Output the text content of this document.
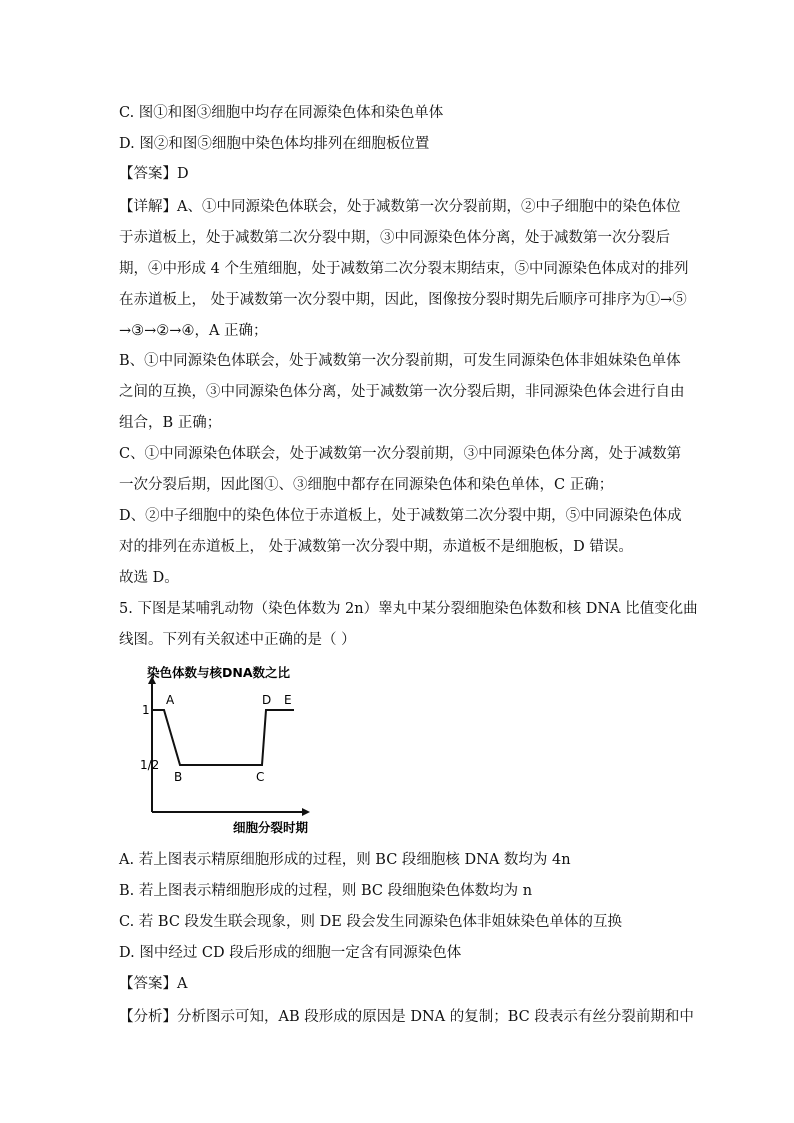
C. 图①和图③细胞中均存在同源染色体和染色单体
D. 图②和图⑤细胞中染色体均排列在细胞板位置
【答案】D
【详解】A、①中同源染色体联会，处于减数第一次分裂前期，②中子细胞中的染色体位
于赤道板上，处于减数第二次分裂中期，③中同源染色体分离，处于减数第一次分裂后
期，④中形成 4 个生殖细胞，处于减数第二次分裂末期结束，⑤中同源染色体成对的排列
在赤道板上， 处于减数第一次分裂中期，因此，图像按分裂时期先后顺序可排序为①→⑤
→③→②→④，A 正确；
B、①中同源染色体联会，处于减数第一次分裂前期，可发生同源染色体非姐妹染色单体
之间的互换，③中同源染色体分离，处于减数第一次分裂后期，非同源染色体会进行自由
组合，B 正确；
C、①中同源染色体联会，处于减数第一次分裂前期，③中同源染色体分离，处于减数第
一次分裂后期，因此图①、③细胞中都存在同源染色体和染色单体，C 正确；
D、②中子细胞中的染色体位于赤道板上，处于减数第二次分裂中期，⑤中同源染色体成
对的排列在赤道板上， 处于减数第一次分裂中期，赤道板不是细胞板，D 错误。
故选 D。
5. 下图是某哺乳动物（染色体数为 2n）睾丸中某分裂细胞染色体数和核 DNA 比值变化曲
线图。下列有关叙述中正确的是（ ）
染色体数与核DNA数之比
细胞分裂时期
1
1/2
A
B	C
D E
A. 若上图表示精原细胞形成的过程，则 BC 段细胞核 DNA 数均为 4n
B. 若上图表示精细胞形成的过程，则 BC 段细胞染色体数均为 n
C. 若 BC 段发生联会现象，则 DE 段会发生同源染色体非姐妹染色单体的互换
D. 图中经过 CD 段后形成的细胞一定含有同源染色体
【答案】A
【分析】分析图示可知，AB 段形成的原因是 DNA 的复制；BC 段表示有丝分裂前期和中
